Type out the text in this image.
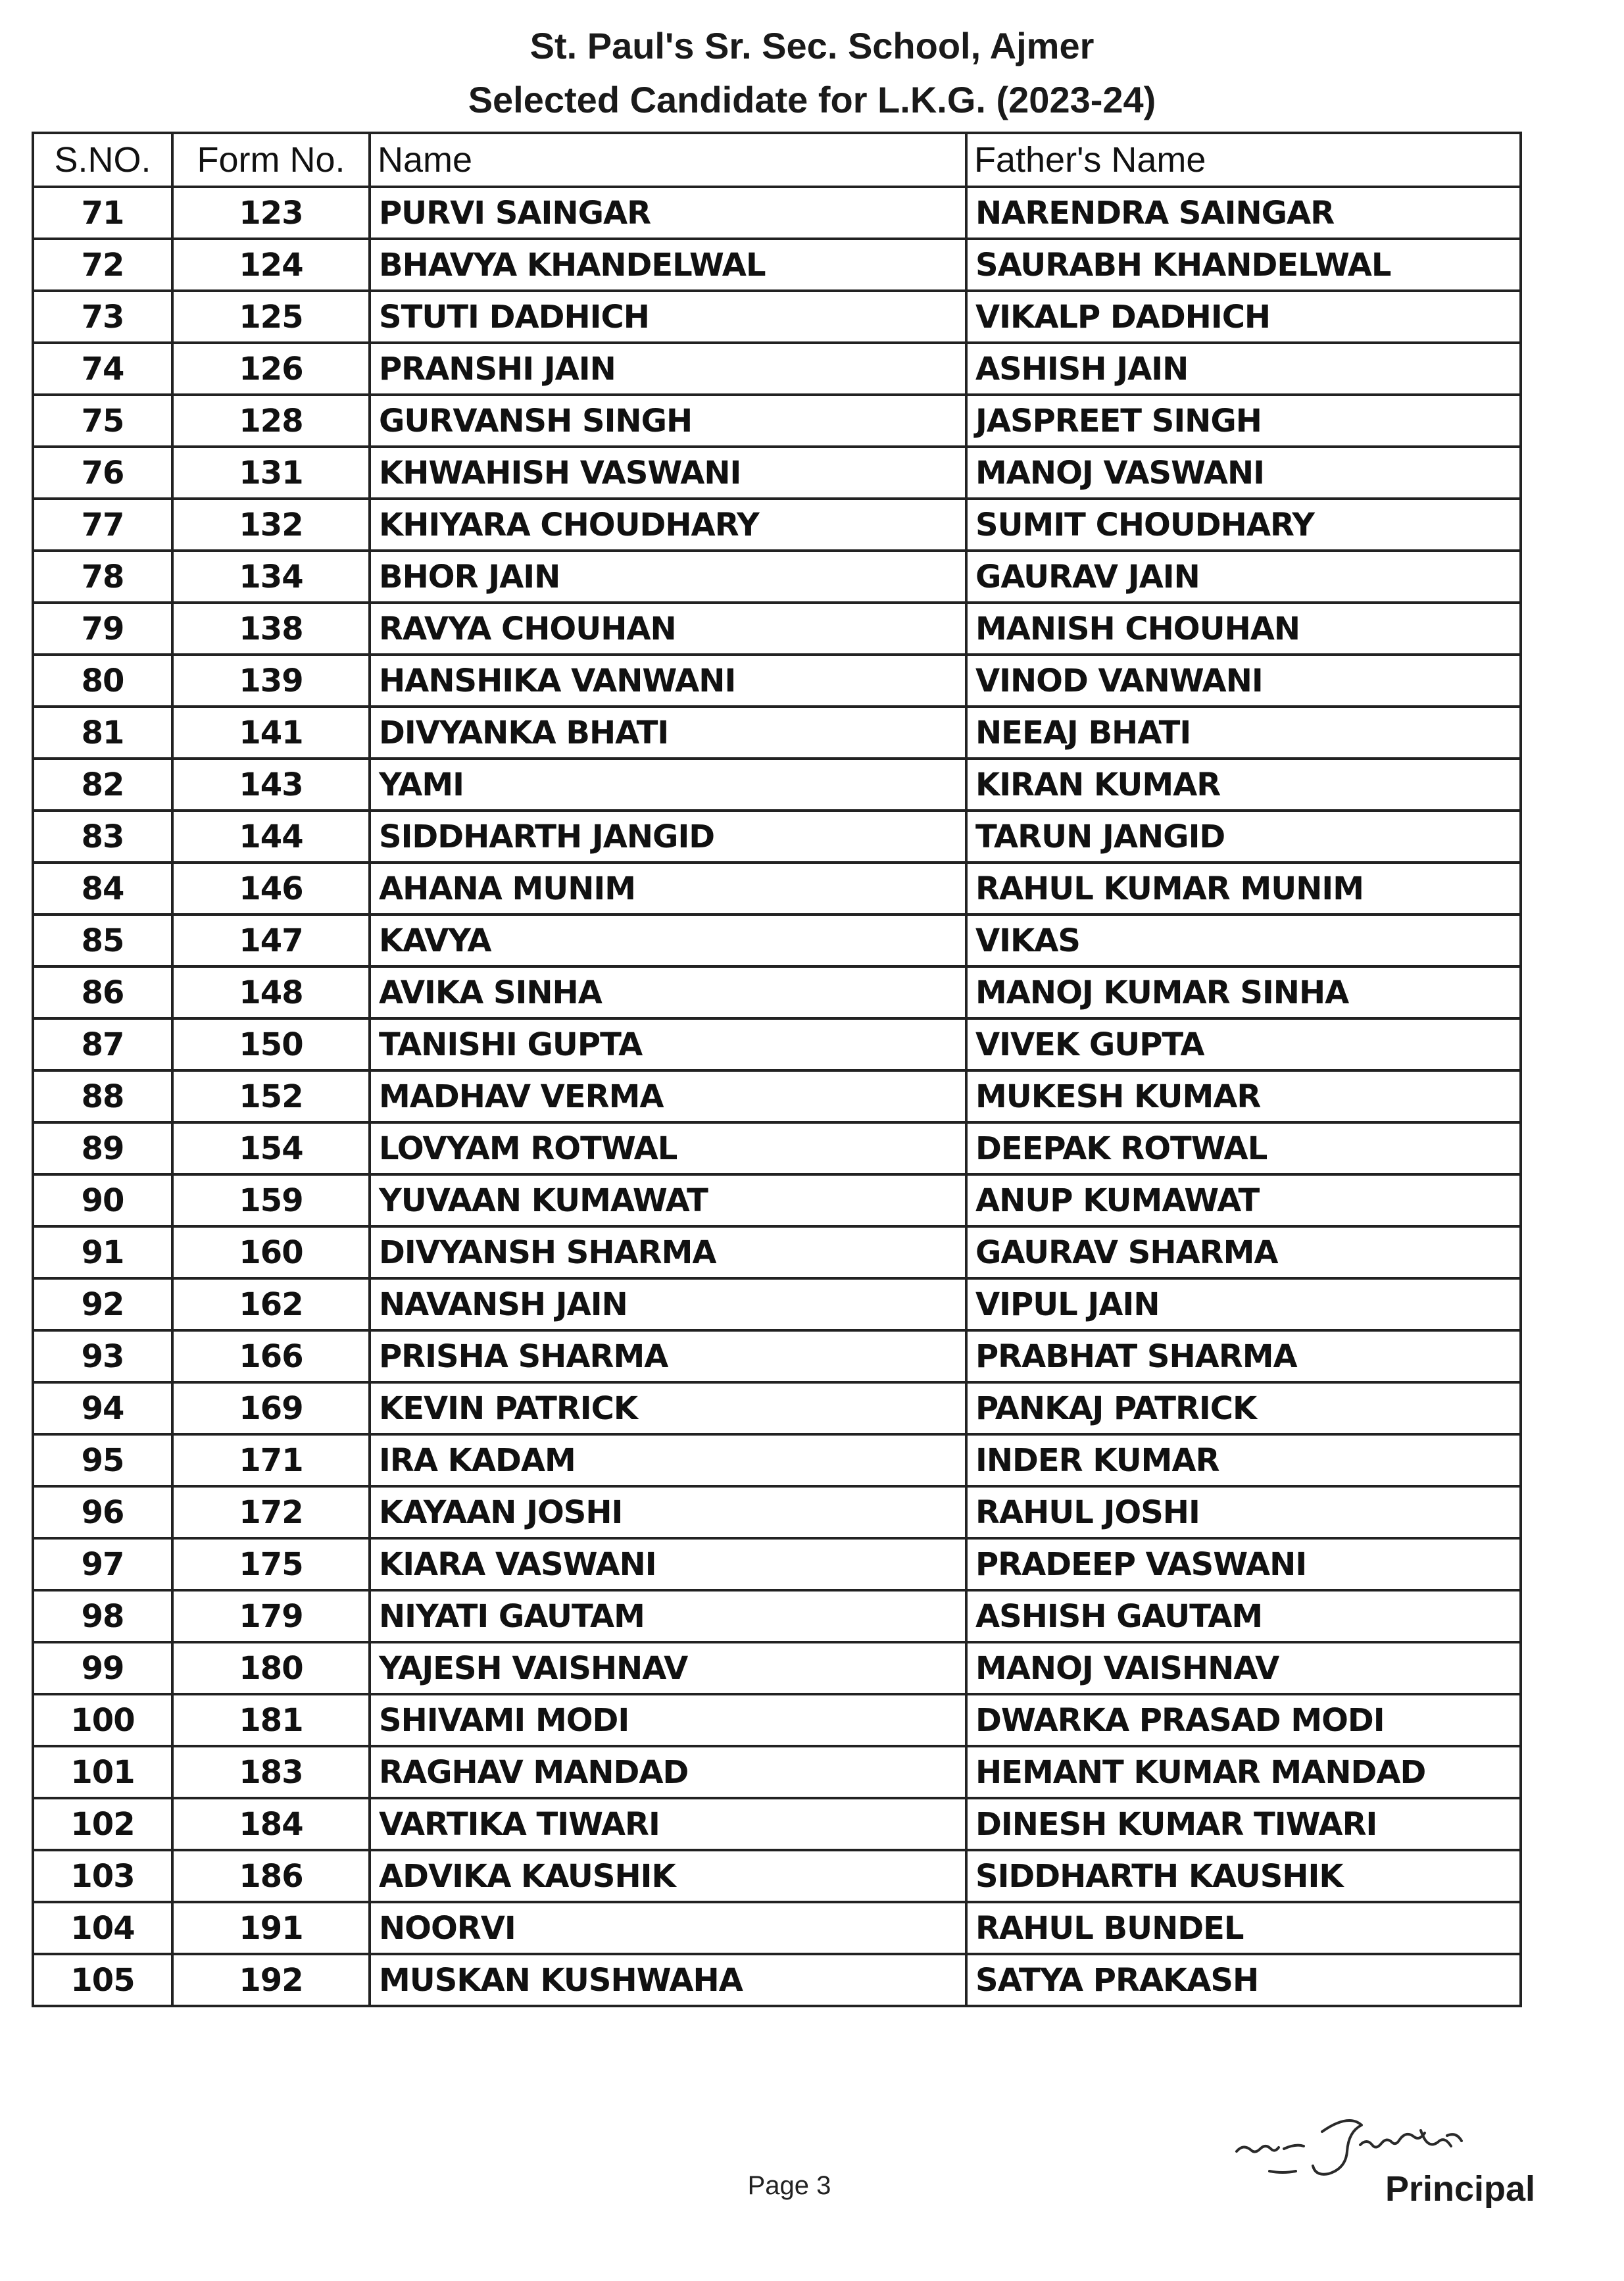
St. Paul's Sr. Sec. School, Ajmer
Selected Candidate for L.K.G. (2023-24)
S.NO.	Form No.	Name	Father's Name
71	123	PURVI SAINGAR	NARENDRA SAINGAR
72	124	BHAVYA KHANDELWAL	SAURABH KHANDELWAL
73	125	STUTI DADHICH	VIKALP DADHICH
74	126	PRANSHI JAIN	ASHISH JAIN
75	128	GURVANSH SINGH	JASPREET SINGH
76	131	KHWAHISH VASWANI	MANOJ VASWANI
77	132	KHIYARA CHOUDHARY	SUMIT CHOUDHARY
78	134	BHOR JAIN	GAURAV JAIN
79	138	RAVYA CHOUHAN	MANISH CHOUHAN
80	139	HANSHIKA VANWANI	VINOD VANWANI
81	141	DIVYANKA BHATI	NEEAJ BHATI
82	143	YAMI	KIRAN KUMAR
83	144	SIDDHARTH JANGID	TARUN JANGID
84	146	AHANA MUNIM	RAHUL KUMAR MUNIM
85	147	KAVYA	VIKAS
86	148	AVIKA SINHA	MANOJ KUMAR SINHA
87	150	TANISHI GUPTA	VIVEK GUPTA
88	152	MADHAV VERMA	MUKESH KUMAR
89	154	LOVYAM ROTWAL	DEEPAK ROTWAL
90	159	YUVAAN KUMAWAT	ANUP KUMAWAT
91	160	DIVYANSH SHARMA	GAURAV SHARMA
92	162	NAVANSH JAIN	VIPUL JAIN
93	166	PRISHA SHARMA	PRABHAT SHARMA
94	169	KEVIN PATRICK	PANKAJ PATRICK
95	171	IRA KADAM	INDER KUMAR
96	172	KAYAAN JOSHI	RAHUL JOSHI
97	175	KIARA VASWANI	PRADEEP VASWANI
98	179	NIYATI GAUTAM	ASHISH GAUTAM
99	180	YAJESH VAISHNAV	MANOJ VAISHNAV
100	181	SHIVAMI MODI	DWARKA PRASAD MODI
101	183	RAGHAV MANDAD	HEMANT KUMAR MANDAD
102	184	VARTIKA TIWARI	DINESH KUMAR TIWARI
103	186	ADVIKA KAUSHIK	SIDDHARTH KAUSHIK
104	191	NOORVI	RAHUL BUNDEL
105	192	MUSKAN KUSHWAHA	SATYA PRAKASH
Page 3	Principal
